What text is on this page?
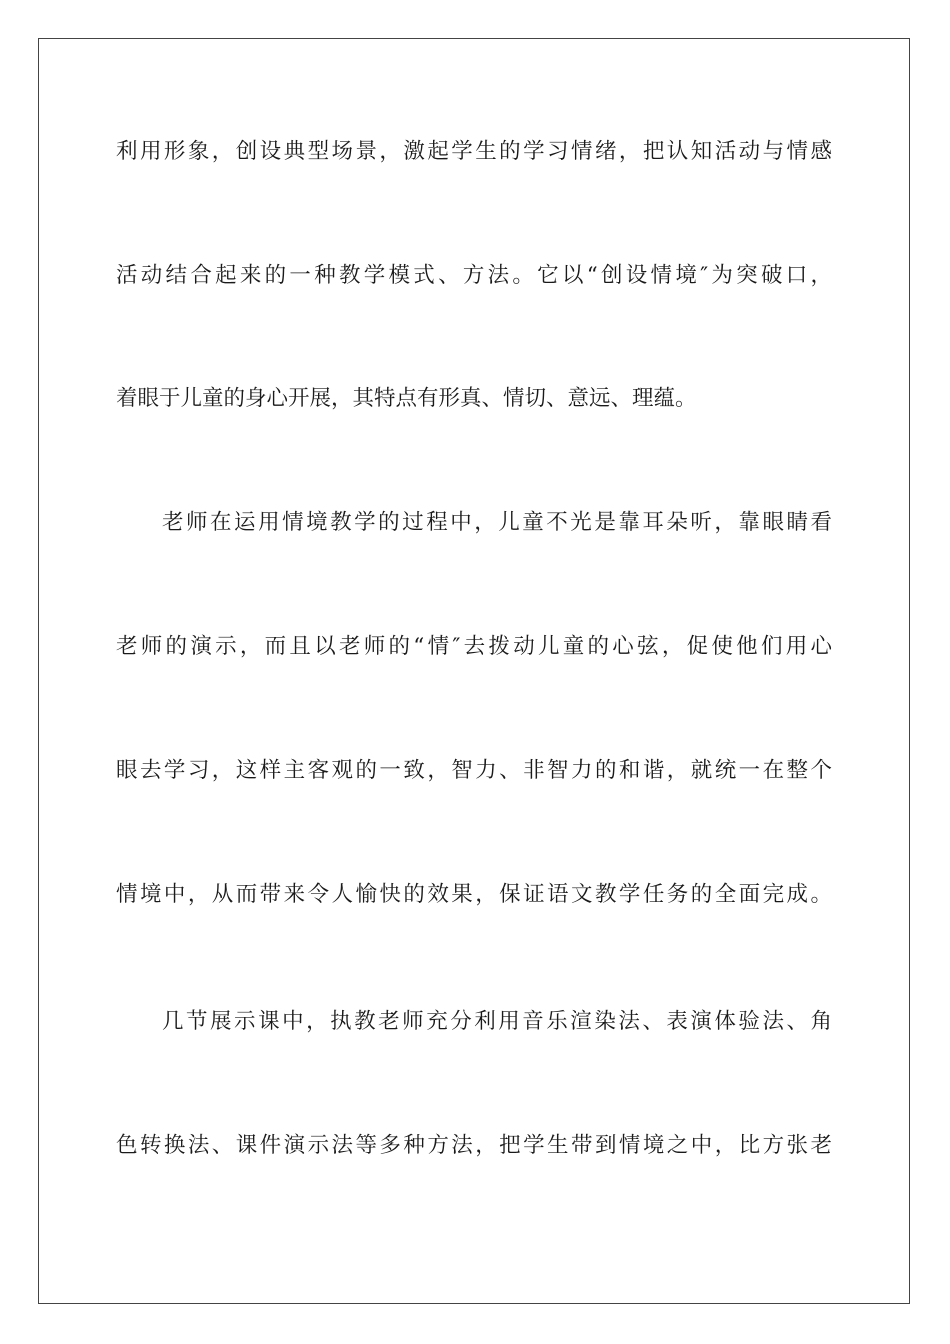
利用形象，创设典型场景，激起学生的学习情绪，把认知活动与情感
活动结合起来的一种教学模式、方法。它以“创设情境″为突破口，
着眼于儿童的身心开展，其特点有形真、情切、意远、理蕴。
老师在运用情境教学的过程中，儿童不光是靠耳朵听，靠眼睛看
老师的演示，而且以老师的“情″去拨动儿童的心弦，促使他们用心
眼去学习，这样主客观的一致，智力、非智力的和谐，就统一在整个
情境中，从而带来令人愉快的效果，保证语文教学任务的全面完成。
几节展示课中，执教老师充分利用音乐渲染法、表演体验法、角
色转换法、课件演示法等多种方法，把学生带到情境之中，比方张老
